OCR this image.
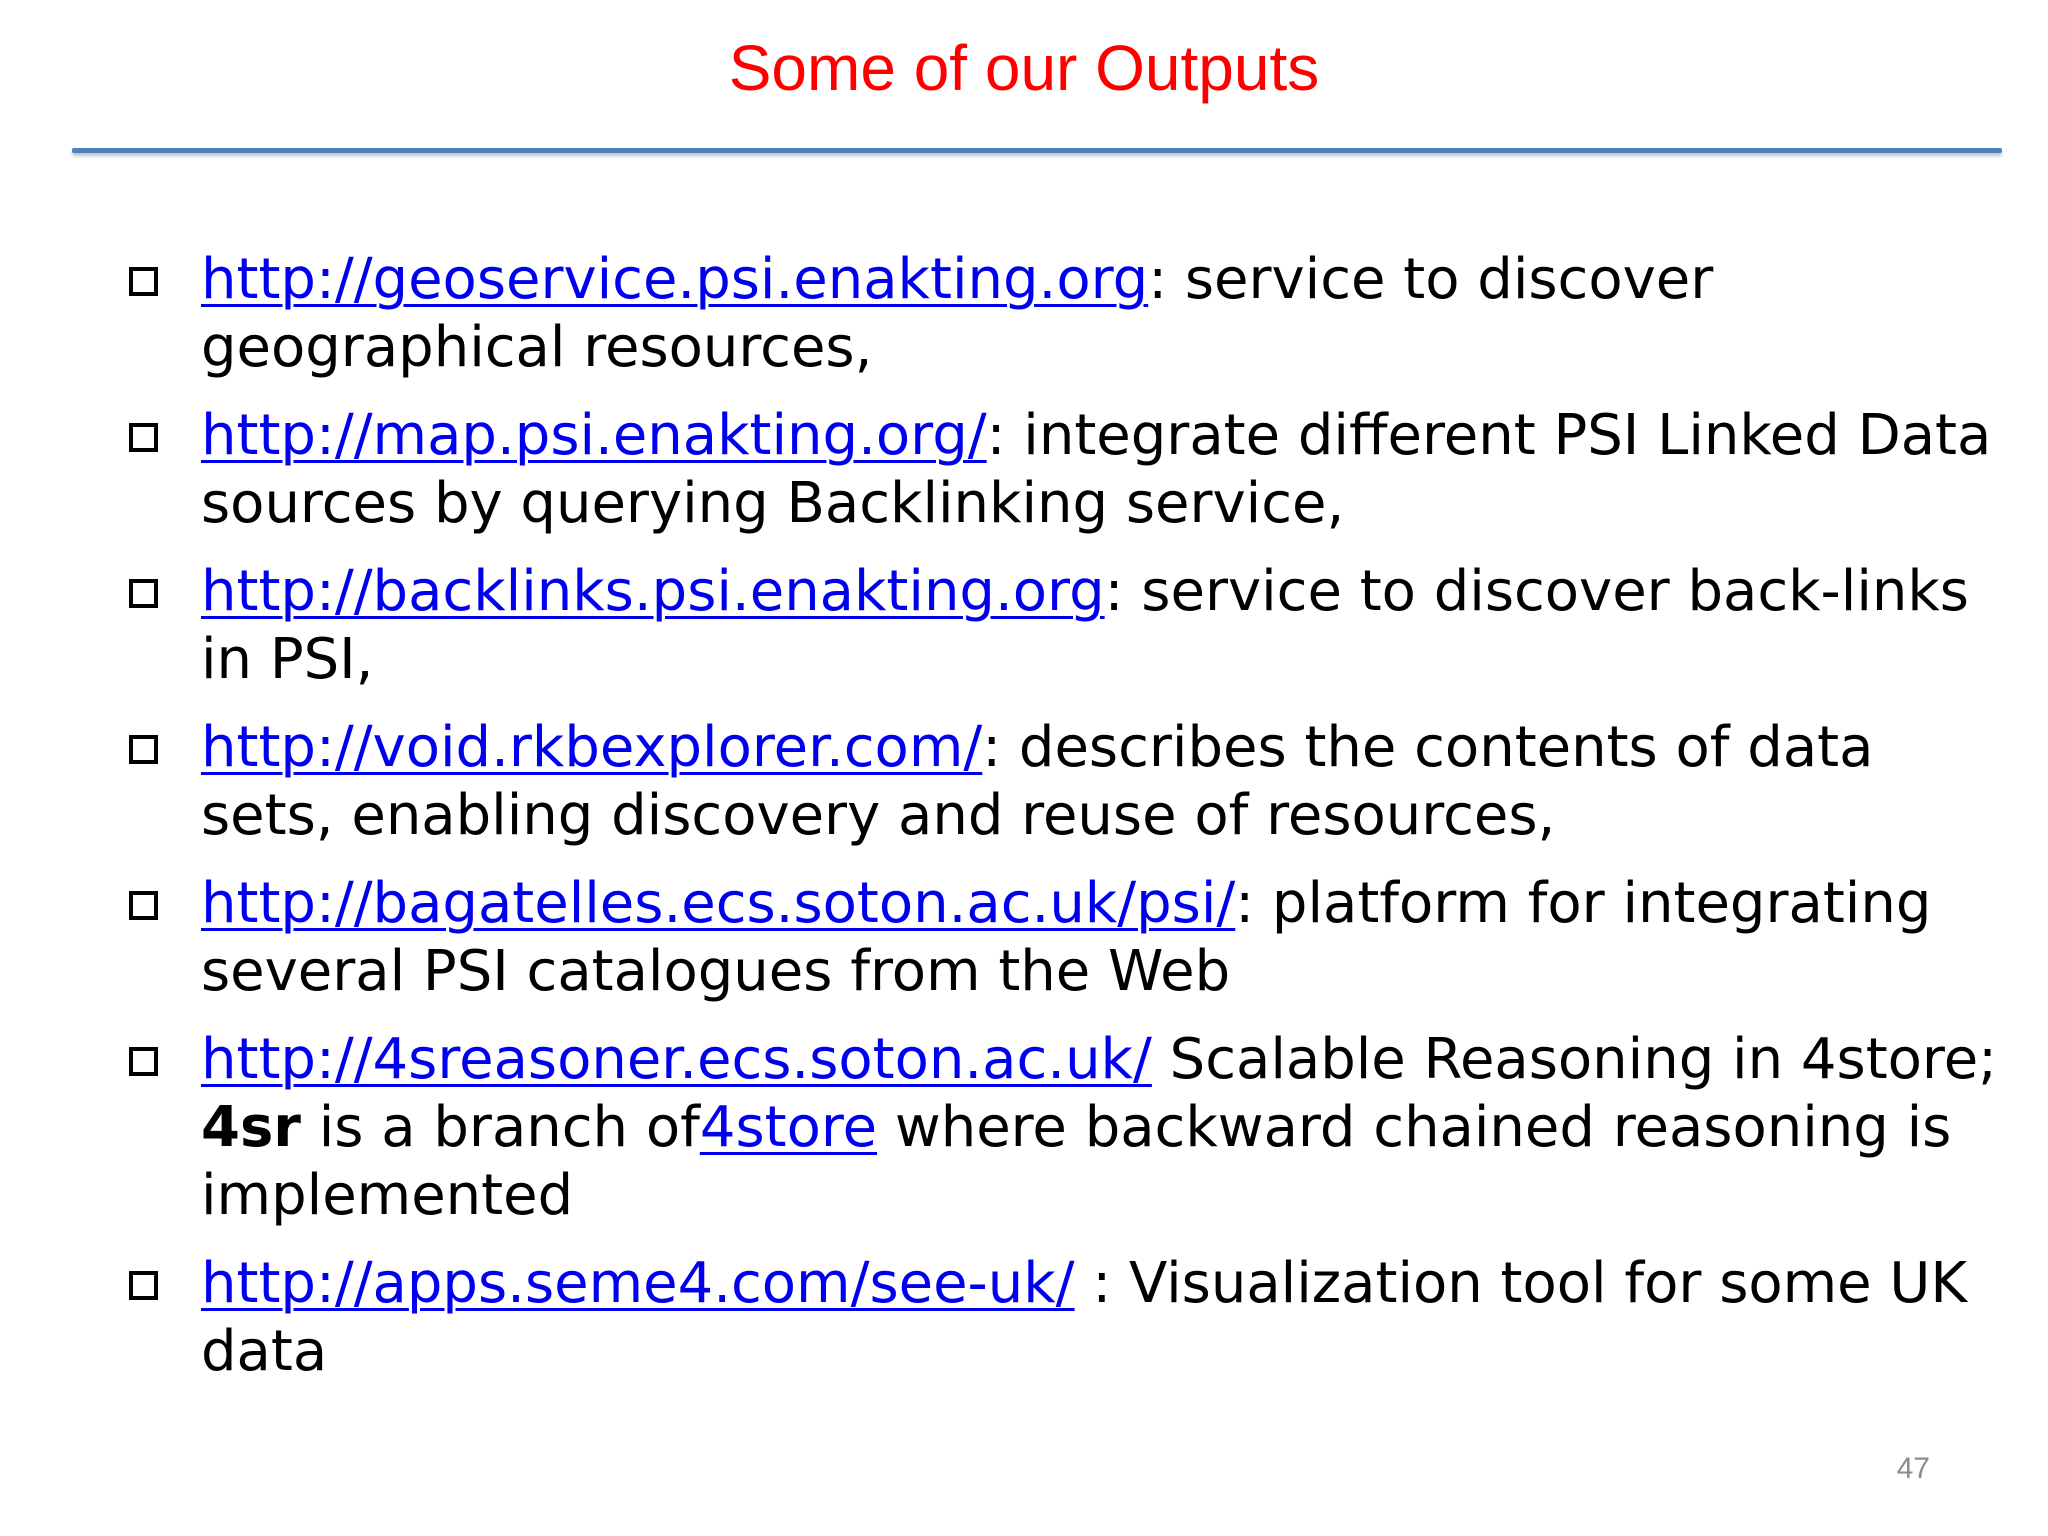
Some of our Outputs
http://geoservice.psi.enakting.org: service to discover geographical resources,
http://map.psi.enakting.org/: integrate different PSI Linked Data sources by querying Backlinking service,
http://backlinks.psi.enakting.org: service to discover back-links in PSI,
http://void.rkbexplorer.com/: describes the contents of data sets, enabling discovery and reuse of resources,
http://bagatelles.ecs.soton.ac.uk/psi/: platform for integrating several PSI catalogues from the Web
http://4sreasoner.ecs.soton.ac.uk/ Scalable Reasoning in 4store; 4sr is a branch of4store where backward chained reasoning is implemented
http://apps.seme4.com/see-uk/ : Visualization tool for some UK data
47
